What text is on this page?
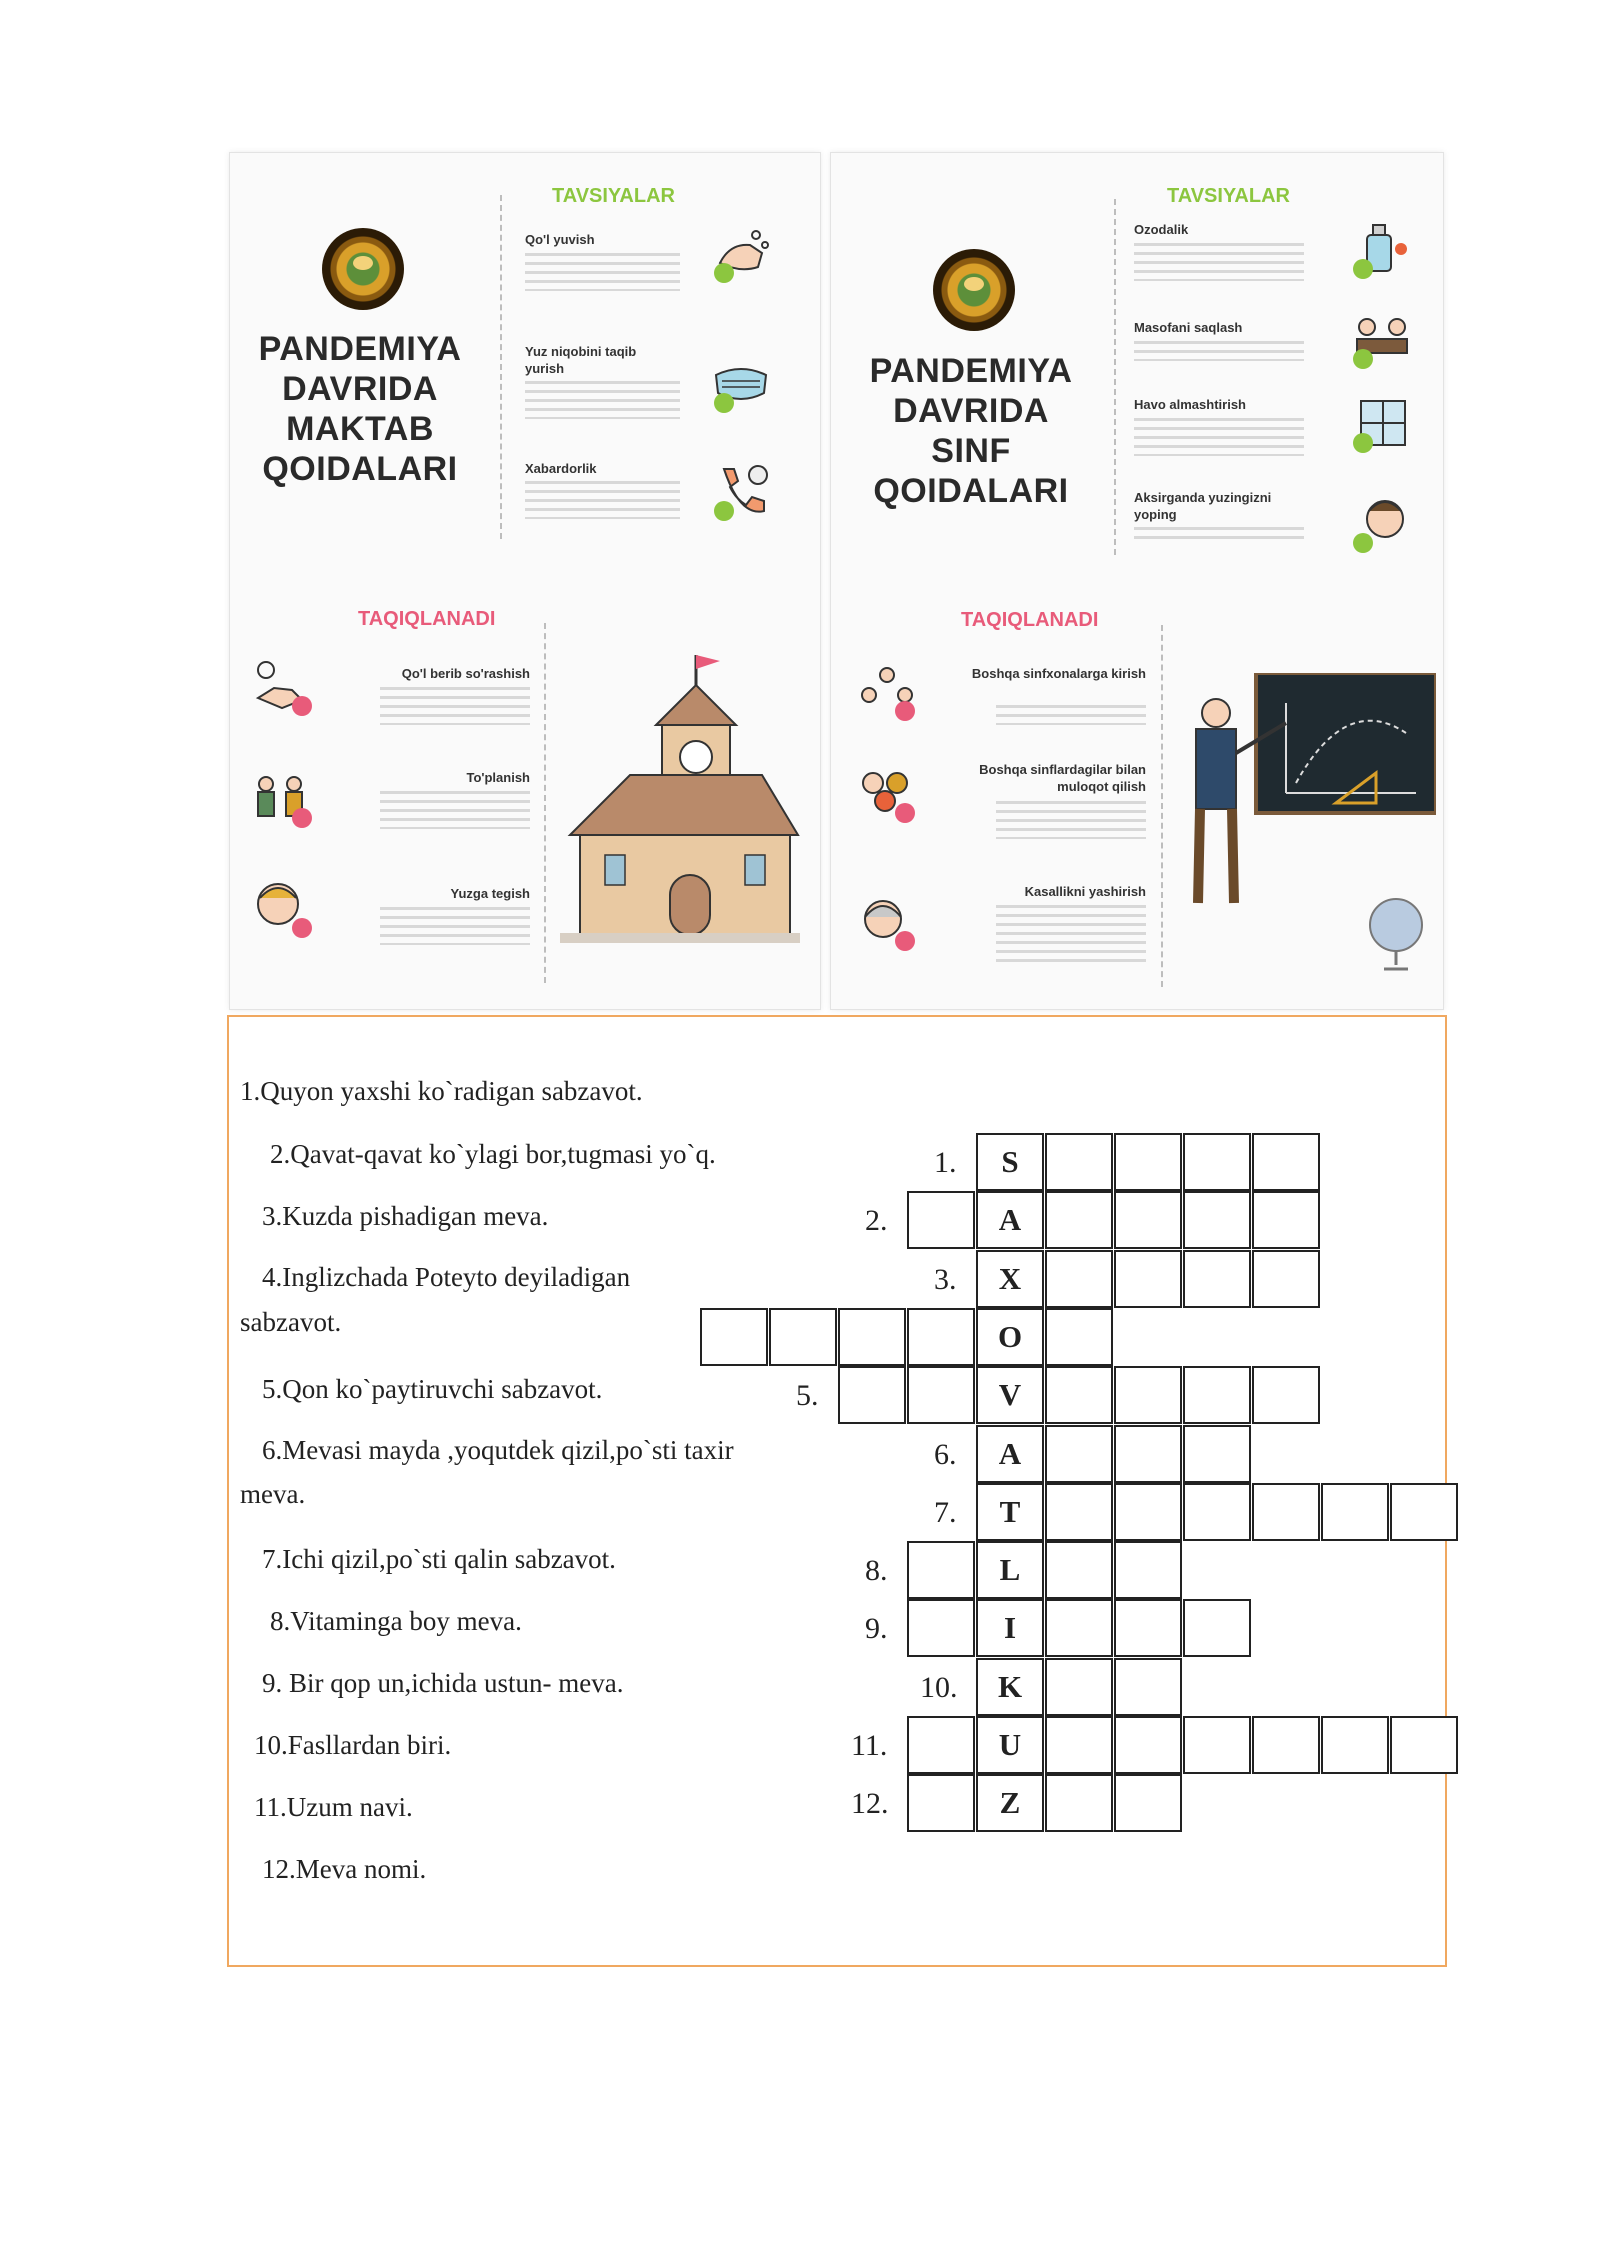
PANDEMIYA DAVRIDA MAKTAB QOIDALARI
TAVSIYALAR
Qo'l yuvish
Yuz niqobini taqib yurish
Xabardorlik
TAQIQLANADI
Qo'l berib so'rashish
To'planish
Yuzga tegish
PANDEMIYA DAVRIDA SINF QOIDALARI
TAVSIYALAR
Ozodalik
Masofani saqlash
Havo almashtirish
Aksirganda yuzingizni yoping
TAQIQLANADI
Boshqa sinfxonalarga kirish
Boshqa sinflardagilar bilan muloqot qilish
Kasallikni yashirish
1.Quyon yaxshi ko`radigan sabzavot.
2.Qavat-qavat ko`ylagi bor,tugmasi yo`q.
3.Kuzda pishadigan meva.
4.Inglizchada Poteyto deyiladigan
sabzavot.
5.Qon ko`paytiruvchi sabzavot.
6.Mevasi mayda ,yoqutdek qizil,po`sti taxir
meva.
7.Ichi qizil,po`sti qalin sabzavot.
8.Vitaminga boy meva.
9. Bir qop un,ichida ustun- meva.
10.Fasllardan biri.
11.Uzum navi.
12.Meva nomi.
S
1.
A
2.
X
3.
O
V
5.
A
6.
T
7.
L
8.
I
9.
K
10.
U
11.
Z
12.
